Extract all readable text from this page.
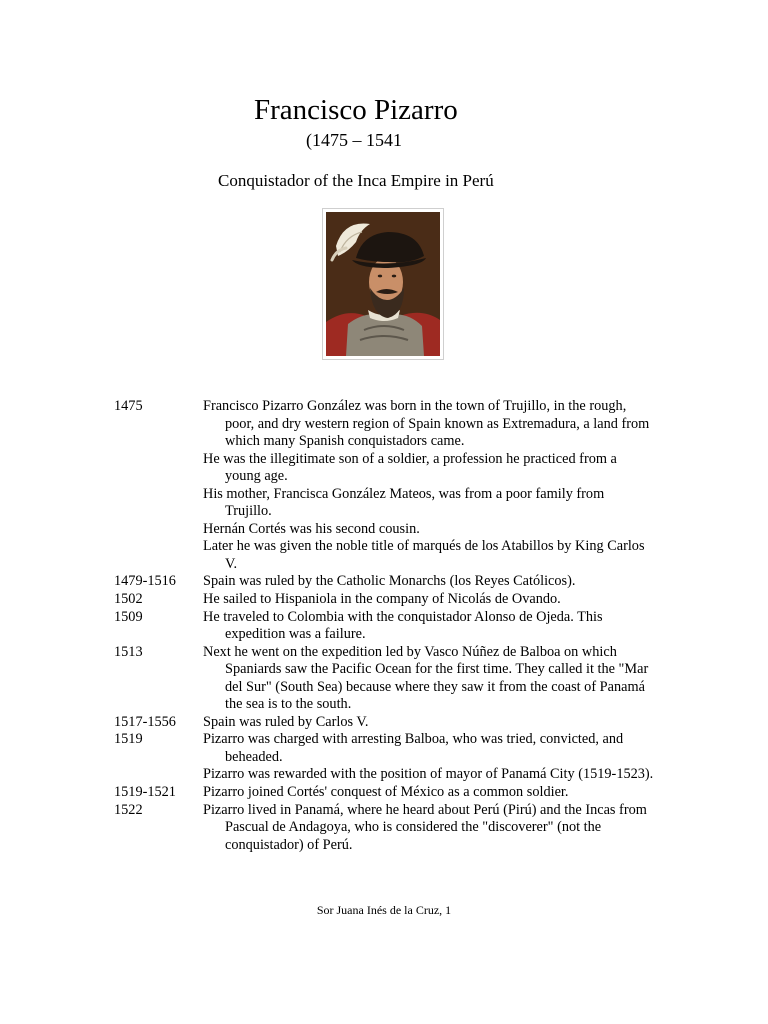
Francisco Pizarro
(1475 – 1541
Conquistador of the Inca Empire in Perú
1475	Francisco Pizarro González was born in the town of Trujillo, in the rough, poor, and dry western region of Spain known as Extremadura, a land from which many Spanish conquistadors came.
He was the illegitimate son of a soldier, a profession he practiced from a young age.
His mother, Francisca González Mateos, was from a poor family from Trujillo.
Hernán Cortés was his second cousin.
Later he was given the noble title of marqués de los Atabillos by King Carlos V.
1479-1516	Spain was ruled by the Catholic Monarchs (los Reyes Católicos).
1502	He sailed to Hispaniola in the company of Nicolás de Ovando.
1509	He traveled to Colombia with the conquistador Alonso de Ojeda. This expedition was a failure.
1513	Next he went on the expedition led by Vasco Núñez de Balboa on which Spaniards saw the Pacific Ocean for the first time. They called it the "Mar del Sur" (South Sea) because where they saw it from the coast of Panamá the sea is to the south.
1517-1556	Spain was ruled by Carlos V.
1519	Pizarro was charged with arresting Balboa, who was tried, convicted, and beheaded.
Pizarro was rewarded with the position of mayor of Panamá City (1519-1523).
1519-1521	Pizarro joined Cortés' conquest of México as a common soldier.
1522	Pizarro lived in Panamá, where he heard about Perú (Pirú) and the Incas from Pascual de Andagoya, who is considered the "discoverer" (not the conquistador) of Perú.
Sor Juana Inés de la Cruz, 1
